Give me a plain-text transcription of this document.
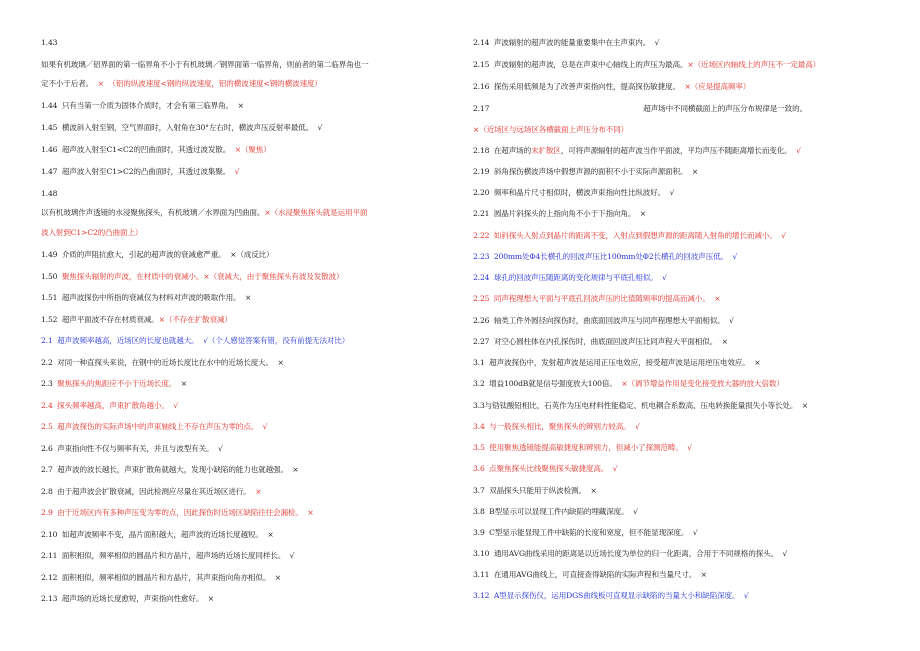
1.43
如果有机玻璃／铝界面的第一临界角不小于有机玻璃／钢界面第一临界角，则前者的第二临界角也一
定不小于后者。  ×  （铝的纵波速度<钢的纵波速度，铝的横波速度<钢的横波速度）
1.44  只有当第一介质为固体介质时，才会有第三临界角。  ×
1.45  横波斜入射至钢，空气界面时，入射角在30°左右时，横波声压反射率最低。  √
1.46  超声波入射至C1<C2的凹曲面时，其透过波发散。  ×（聚焦）
1.47  超声波入射至C1>C2的凸曲面时，其透过波集聚。  √
1.48
以有机玻璃作声透镜的水浸聚焦探头，有机玻璃／水界面为凹曲面。×（水浸聚焦探头就是运用平面
波入射到C1>C2的凸曲面上）
1.49  介质的声阻抗愈大，引起的超声波的衰减愈严重。  ×（成反比）
1.50  聚焦探头辐射的声波，在材质中的衰减小。×（衰减大，由于聚焦探头有波及发散波）
1.51  超声波探伤中所指的衰减仅为材料对声波的吸取作用。  ×
1.52  超声平面波不存在材质衰减。×（不存在扩散衰减）
2.1  超声波频率越高，近场区的长度也就越大。  √（个人感觉答案有错，没有前提无法对比）
2.2  对同一种直探头来说，在钢中的近场长度比在水中的近场长度大。  ×
2.3  聚焦探头的焦距应不小于近场长度。  ×
2.4  探头频率越高，声束扩散角越小。  √
2.5  超声波探伤的实际声场中的声束轴线上不存在声压为零的点。  √
2.6  声束指向性不仅与频率有关，并且与波型有关。  √
2.7  超声波的波长越长，声束扩散角就越大，发现小缺陷的能力也就越强。  ×
2.8  由于超声波会扩散衰减，因此检测应尽量在其近场区进行。  ×
2.9  由于近场区内有多种声压变为零的点，因此探伤时近场区缺陷往往会漏检。  ×
2.10  如超声波频率不变，晶片面积越大，超声波的近场长度越短。  ×
2.11  面积相似，频率相似的圆晶片和方晶片，超声场的近场长度同样长。  √
2.12  面积相似，频率相似的圆晶片和方晶片，其声束指向角亦相似。  ×
2.13  超声场的近场长度愈短，声束指向性愈好。  ×
2.14  声波辐射的超声波的能量重要集中在主声束内。  √
2.15  声波辐射的超声波，总是在声束中心轴线上的声压为最高。×（近场区内轴线上的声压不一定最高）
2.16  探伤采用低频是为了改善声束指向性，提高探伤敏捷度。  ×（应是提高频率）
2.17                                                                    超声场中不同横截面上的声压分布规律是一致的。
×（近场区与远场区各横截面上声压分布不同）
2.18  在超声场的未扩散区，可将声源辐射的超声波当作平面波，平均声压不随距离增长而变化。  √
2.19  斜角探伤横波声场中假想声源的面积不小于实际声源面积。  ×
2.20  频率和晶片尺寸相似时，横波声束指向性比纵波好。  √
2.21  圆晶片斜探头的上指向角不小于下指向角。  ×
2.22  如斜探头入射点到晶片的距离不变，入射点到假想声源的距离随入射角的增长而减小。  √
2.23  200mm处Φ4长横孔的回波声压比100mm处Φ2长横孔的回波声压低。  √
2.24  球孔的回波声压随距离的变化规律与平底孔相似。  √
2.25  同声程理想大平面与平底孔回波声压的比值随频率的提高而减小。  ×
2.26  轴类工件外圆径向探伤时，曲底面回波声压与同声程理想大平面相似。  √
2.27  对空心圆柱体在内孔探伤时，曲底面回波声压比同声程大平面相似。  ×
3.1  超声波探伤中，发射超声波是运用正压电效应，接受超声波是运用逆压电效应。  ×
3.2  增益100dB就是信号强度放大100倍。  ×（调节增益作用是变化接受放大器的放大倍数）
3.3与锆钛酸铅相比，石英作为压电材料性能稳定、机电耦合系数高、压电转换能量损失小等长处。  ×
3.4  与一般探头相比，聚焦探头的辨别力较高。  √
3.5  使用聚焦透镜能提高敏捷度和辨别力，但减小了探测范畴。  √
3.6  点聚焦探头比线聚焦探头敏捷度高。  √
3.7  双晶探头只能用于纵波检测。  ×
3.8  B型显示可以显现工件内缺陷的埋藏深度。  √
3.9  C型显示能显现工件中缺陷的长度和宽度，但不能显现深度。  √
3.10  通用AVG曲线采用的距离是以近场长度为单位的归一化距离，合用于不同规格的探头。  √
3.11  在通用AVG曲线上，可直接查得缺陷的实际声程和当量尺寸。  ×
3.12  A型显示探伤仪，运用DGS曲线板可直观显示缺陷的当量大小和缺陷深度。  √
